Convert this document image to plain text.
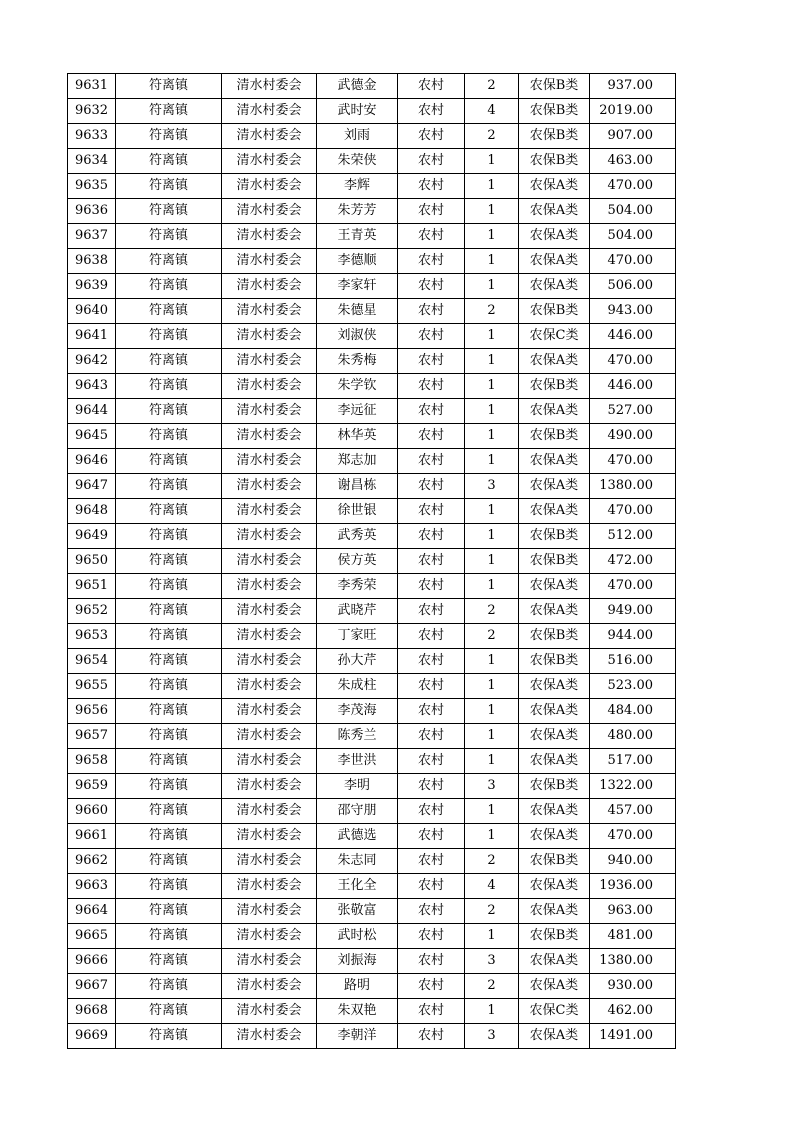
9631	符离镇	清水村委会	武德金	农村	2	农保B类	937.00
9632	符离镇	清水村委会	武时安	农村	4	农保B类	2019.00
9633	符离镇	清水村委会	刘雨	农村	2	农保B类	907.00
9634	符离镇	清水村委会	朱荣侠	农村	1	农保B类	463.00
9635	符离镇	清水村委会	李辉	农村	1	农保A类	470.00
9636	符离镇	清水村委会	朱芳芳	农村	1	农保A类	504.00
9637	符离镇	清水村委会	王青英	农村	1	农保A类	504.00
9638	符离镇	清水村委会	李德顺	农村	1	农保A类	470.00
9639	符离镇	清水村委会	李家轩	农村	1	农保A类	506.00
9640	符离镇	清水村委会	朱德星	农村	2	农保B类	943.00
9641	符离镇	清水村委会	刘淑侠	农村	1	农保C类	446.00
9642	符离镇	清水村委会	朱秀梅	农村	1	农保A类	470.00
9643	符离镇	清水村委会	朱学钦	农村	1	农保B类	446.00
9644	符离镇	清水村委会	李远征	农村	1	农保A类	527.00
9645	符离镇	清水村委会	林华英	农村	1	农保B类	490.00
9646	符离镇	清水村委会	郑志加	农村	1	农保A类	470.00
9647	符离镇	清水村委会	谢昌栋	农村	3	农保A类	1380.00
9648	符离镇	清水村委会	徐世银	农村	1	农保A类	470.00
9649	符离镇	清水村委会	武秀英	农村	1	农保B类	512.00
9650	符离镇	清水村委会	侯方英	农村	1	农保B类	472.00
9651	符离镇	清水村委会	李秀荣	农村	1	农保A类	470.00
9652	符离镇	清水村委会	武晓芹	农村	2	农保A类	949.00
9653	符离镇	清水村委会	丁家旺	农村	2	农保B类	944.00
9654	符离镇	清水村委会	孙大芹	农村	1	农保B类	516.00
9655	符离镇	清水村委会	朱成柱	农村	1	农保A类	523.00
9656	符离镇	清水村委会	李茂海	农村	1	农保A类	484.00
9657	符离镇	清水村委会	陈秀兰	农村	1	农保A类	480.00
9658	符离镇	清水村委会	李世洪	农村	1	农保A类	517.00
9659	符离镇	清水村委会	李明	农村	3	农保B类	1322.00
9660	符离镇	清水村委会	邵守朋	农村	1	农保A类	457.00
9661	符离镇	清水村委会	武德选	农村	1	农保A类	470.00
9662	符离镇	清水村委会	朱志同	农村	2	农保B类	940.00
9663	符离镇	清水村委会	王化全	农村	4	农保A类	1936.00
9664	符离镇	清水村委会	张敬富	农村	2	农保A类	963.00
9665	符离镇	清水村委会	武时松	农村	1	农保B类	481.00
9666	符离镇	清水村委会	刘振海	农村	3	农保A类	1380.00
9667	符离镇	清水村委会	路明	农村	2	农保A类	930.00
9668	符离镇	清水村委会	朱双艳	农村	1	农保C类	462.00
9669	符离镇	清水村委会	李朝洋	农村	3	农保A类	1491.00
